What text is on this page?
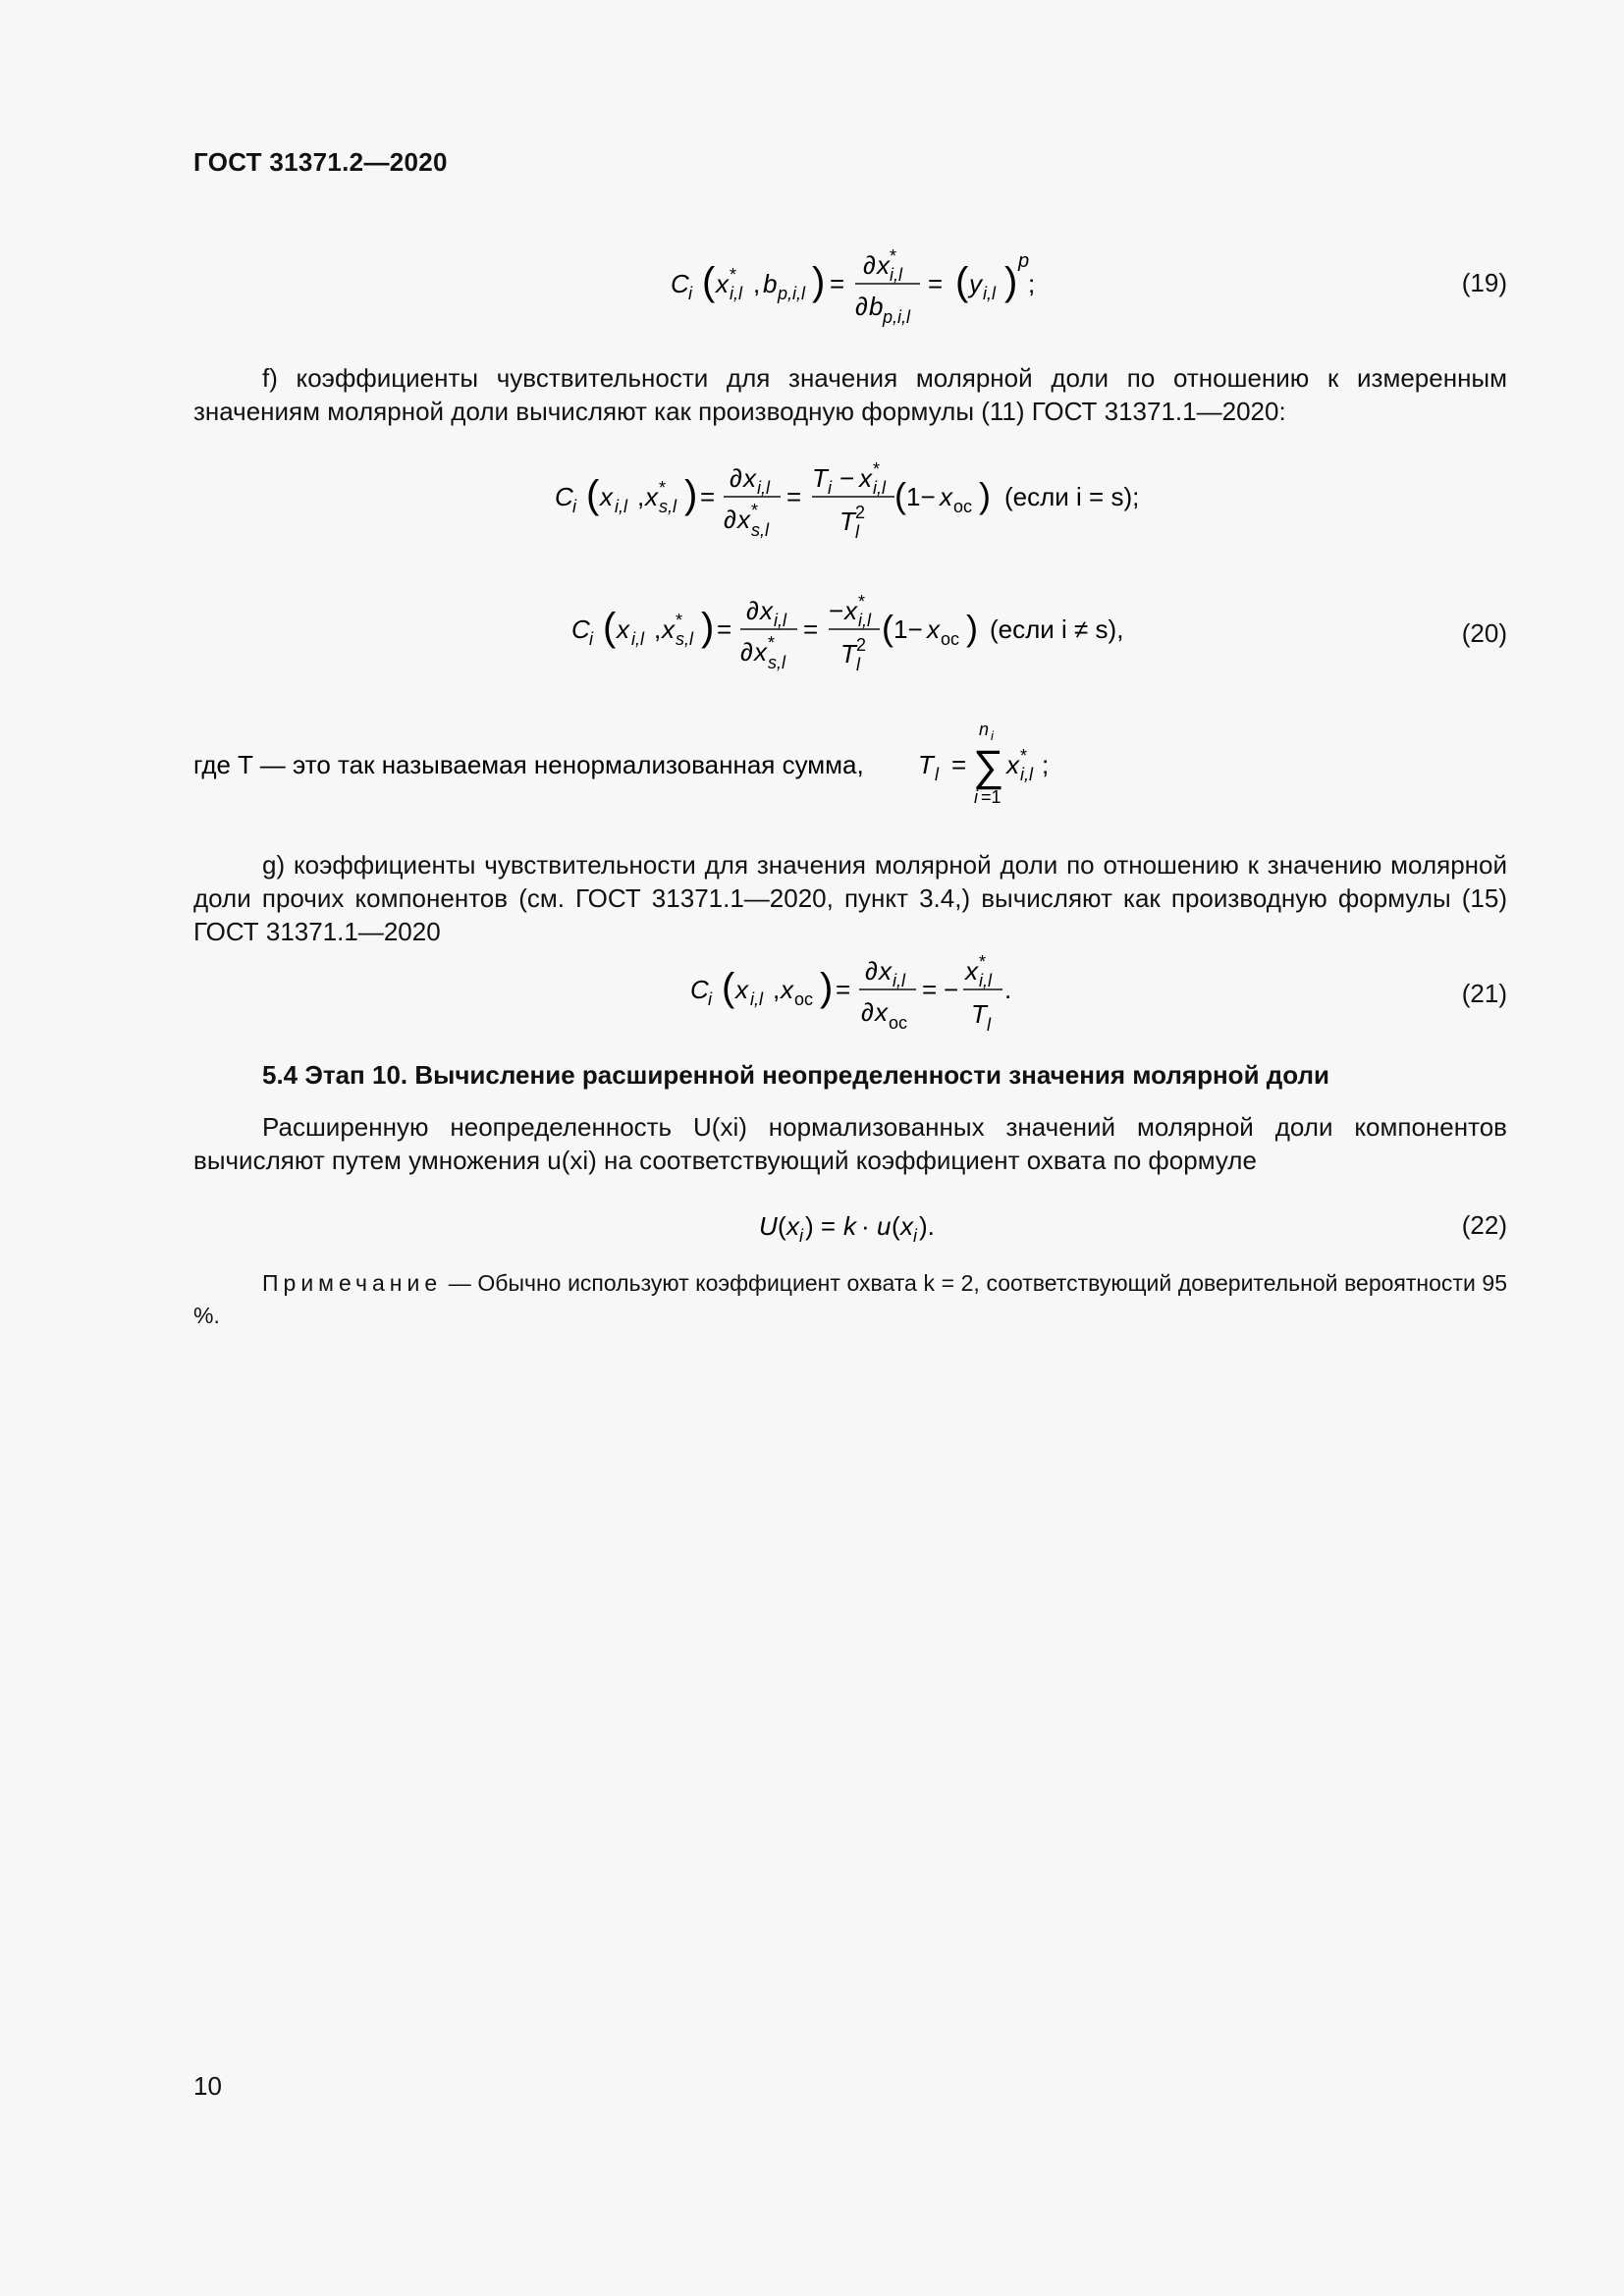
ГОСТ 31371.2—2020
C i ( x *
i,l , b p,i,l ) =
∂ x *
i,l
∂ b p,i,l
= ( y i,l ) p
;	(19)
f) коэффициенты чувствительности для значения молярной доли по отношению к измеренным значениям молярной доли вычисляют как производную формулы (11) ГОСТ 31371.1—2020:
C i ( x i,l , x *
s,l ) =
∂ x i,l
∂ x *
s,l
=
T i − x *
i,l
T 2
l
( 1− x ос ) (если i = s);
C i ( x i,l , x *
s,l ) =
∂ x i,l
∂ x *
s,l
=
− x *
i,l
T 2
l
( 1− x ос ) (если i ≠ s),	(20)
где T — это так называемая ненормализованная сумма, T l =
n i
∑
i =1
x *
i,l ;
g) коэффициенты чувствительности для значения молярной доли по отношению к значению молярной доли прочих компонентов (см. ГОСТ 31371.1—2020, пункт 3.4,) вычисляют как производную формулы (15) ГОСТ 31371.1—2020
C i ( x i,l , x ос ) =
∂ x i,l
∂ x ос
= −
x *
i,l
T l
.	(21)
5.4 Этап 10. Вычисление расширенной неопределенности значения молярной доли
Расширенную неопределенность U(xi) нормализованных значений молярной доли компонентов вычисляют путем умножения u(xi) на соответствующий коэффициент охвата по формуле
U ( x i ) = k · u ( x i ).	(22)
Примечание — Обычно используют коэффициент охвата k = 2, соответствующий доверительной вероятности 95 %.
10
